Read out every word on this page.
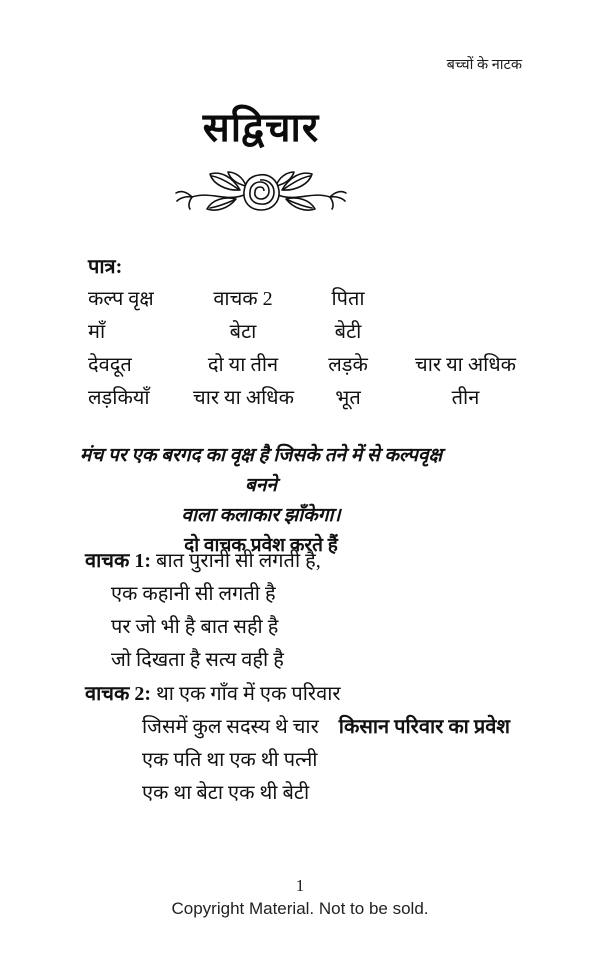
बच्चों के नाटक
सद्विचार
पात्र:
कल्प वृक्ष	वाचक 2	पिता
माँ	बेटा	बेटी
देवदूत	दो या तीन	लड़के	चार या अधिक
लड़कियाँ	चार या अधिक	भूत	तीन
मंच पर एक बरगद का वृक्ष है जिसके तने में से कल्पवृक्ष बनने
वाला कलाकार झाँकेगा।
दो वाचक प्रवेश करते हैं
वाचक 1: बात पुरानी सी लगती है,
एक कहानी सी लगती है
पर जो भी है बात सही है
जो दिखता है सत्य वही है
वाचक 2: था एक गाँव में एक परिवार
जिसमें कुल सदस्य थे चार किसान परिवार का प्रवेश
एक पति था एक थी पत्नी
एक था बेटा एक थी बेटी
1
Copyright Material. Not to be sold.
